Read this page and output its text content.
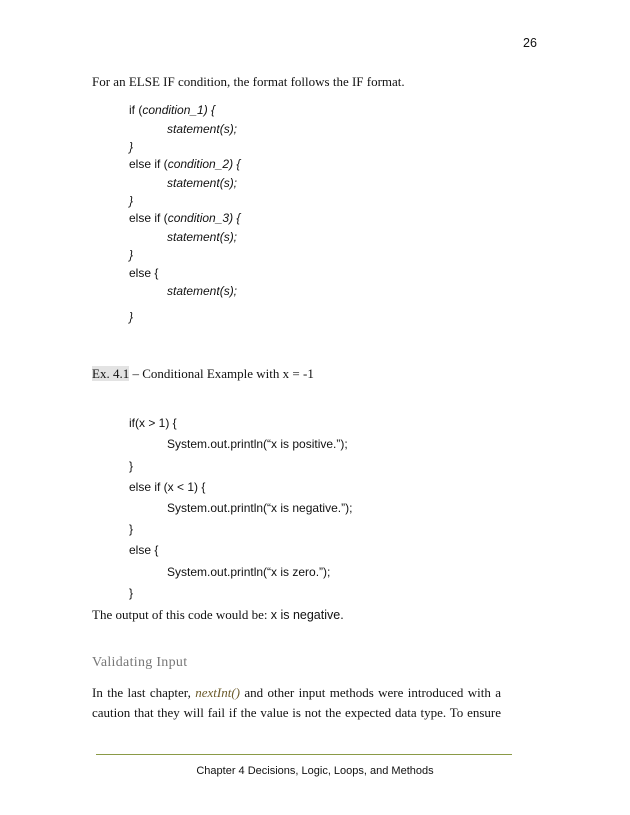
26
For an ELSE IF condition, the format follows the IF format.
if (condition_1) {
statement(s);
}
else if (condition_2) {
statement(s);
}
else if (condition_3) {
statement(s);
}
else {
statement(s);
}
Ex. 4.1 – Conditional Example with x = -1
if(x > 1) {
System.out.println(“x is positive.”);
}
else if (x < 1) {
System.out.println(“x is negative.”);
}
else {
System.out.println(“x is zero.”);
}
The output of this code would be: x is negative.
Validating Input
In the last chapter, nextInt() and other input methods were introduced with a
caution that they will fail if the value is not the expected data type. To ensure
Chapter 4 Decisions, Logic, Loops, and Methods
